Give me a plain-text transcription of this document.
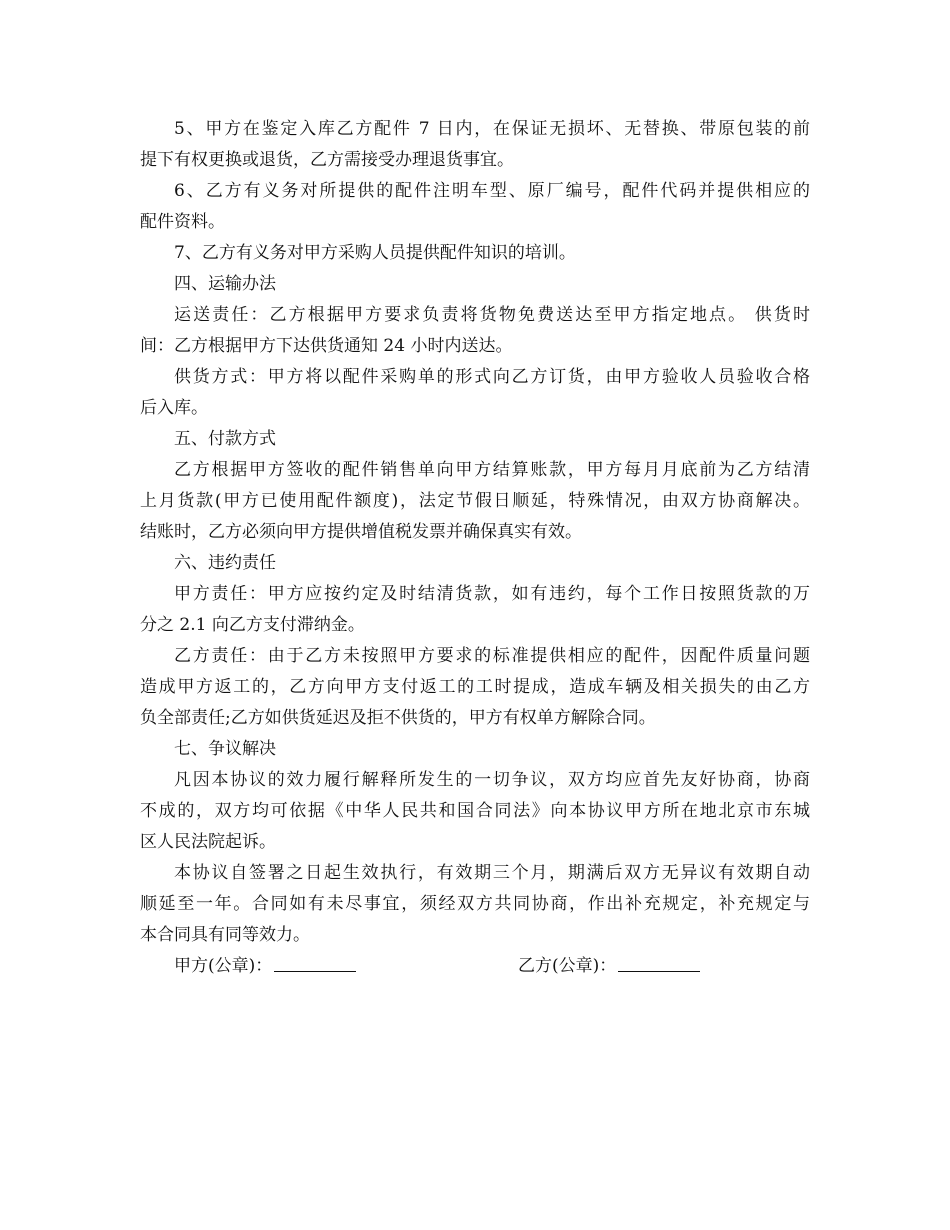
5、甲方在鉴定入库乙方配件 7 日内，在保证无损坏、无替换、带原包装的前

提下有权更换或退货，乙方需接受办理退货事宜。

6、乙方有义务对所提供的配件注明车型、原厂编号，配件代码并提供相应的

配件资料。

7、乙方有义务对甲方采购人员提供配件知识的培训。

四、运输办法

运送责任：乙方根据甲方要求负责将货物免费送达至甲方指定地点。 供货时

间：乙方根据甲方下达供货通知 24 小时内送达。

供货方式：甲方将以配件采购单的形式向乙方订货，由甲方验收人员验收合格

后入库。

五、付款方式

乙方根据甲方签收的配件销售单向甲方结算账款，甲方每月月底前为乙方结清

上月货款(甲方已使用配件额度)，法定节假日顺延，特殊情况，由双方协商解决。

结账时，乙方必须向甲方提供增值税发票并确保真实有效。

六、违约责任

甲方责任：甲方应按约定及时结清货款，如有违约，每个工作日按照货款的万

分之 2.1 向乙方支付滞纳金。

乙方责任：由于乙方未按照甲方要求的标准提供相应的配件，因配件质量问题

造成甲方返工的，乙方向甲方支付返工的工时提成，造成车辆及相关损失的由乙方

负全部责任;乙方如供货延迟及拒不供货的，甲方有权单方解除合同。

七、争议解决

凡因本协议的效力履行解释所发生的一切争议，双方均应首先友好协商，协商

不成的，双方均可依据《中华人民共和国合同法》向本协议甲方所在地北京市东城

区人民法院起诉。

本协议自签署之日起生效执行，有效期三个月，期满后双方无异议有效期自动

顺延至一年。合同如有未尽事宜，须经双方共同协商，作出补充规定，补充规定与

本合同具有同等效力。

甲方(公章)：	乙方(公章)：
